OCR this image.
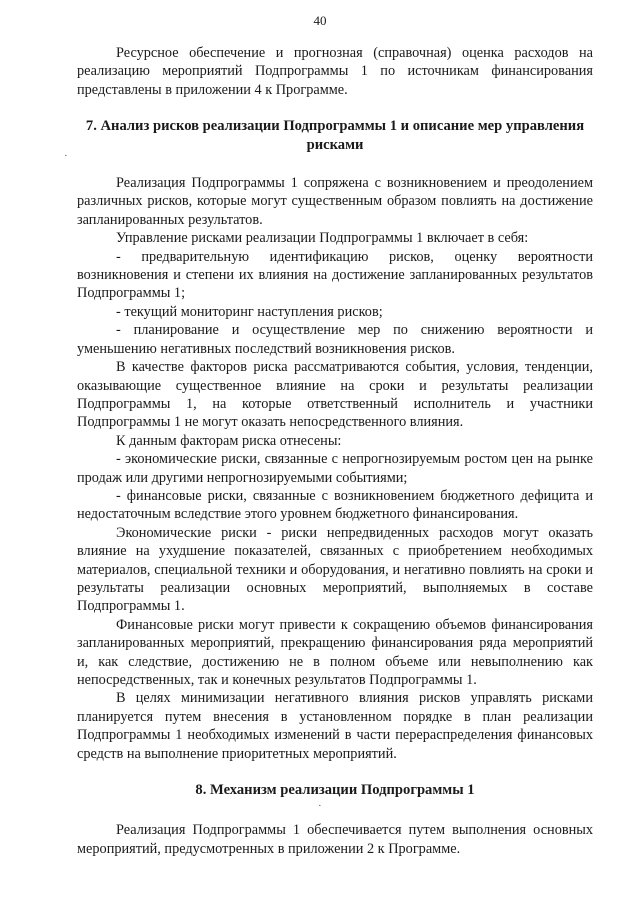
40

Ресурсное обеспечение и прогнозная (справочная) оценка расходов на реализацию мероприятий Подпрограммы 1 по источникам финансирования представлены в приложении 4 к Программе.

7. Анализ рисков реализации Подпрограммы 1 и описание мер управления рисками

Реализация Подпрограммы 1 сопряжена с возникновением и преодолением различных рисков, которые могут существенным образом повлиять на достижение запланированных результатов.

Управление рисками реализации Подпрограммы 1 включает в себя:

- предварительную идентификацию рисков, оценку вероятности возникновения и степени их влияния на достижение запланированных результатов Подпрограммы 1;

- текущий мониторинг наступления рисков;

- планирование и осуществление мер по снижению вероятности и уменьшению негативных последствий возникновения рисков.

В качестве факторов риска рассматриваются события, условия, тенденции, оказывающие существенное влияние на сроки и результаты реализации Подпрограммы 1, на которые ответственный исполнитель и участники Подпрограммы 1 не могут оказать непосредственного влияния.

К данным факторам риска отнесены:

- экономические риски, связанные с непрогнозируемым ростом цен на рынке продаж или другими непрогнозируемыми событиями;

- финансовые риски, связанные с возникновением бюджетного дефицита и недостаточным вследствие этого уровнем бюджетного финансирования.

Экономические риски - риски непредвиденных расходов могут оказать влияние на ухудшение показателей, связанных с приобретением необходимых материалов, специальной техники и оборудования, и негативно повлиять на сроки и результаты реализации основных мероприятий, выполняемых в составе Подпрограммы 1.

Финансовые риски могут привести к сокращению объемов финансирования запланированных мероприятий, прекращению финансирования ряда мероприятий и, как следствие, достижению не в полном объеме или невыполнению как непосредственных, так и конечных результатов Подпрограммы 1.

В целях минимизации негативного влияния рисков управлять рисками планируется путем внесения в установленном порядке в план реализации Подпрограммы 1 необходимых изменений в части перераспределения финансовых средств на выполнение приоритетных мероприятий.

8. Механизм реализации Подпрограммы 1

Реализация Подпрограммы 1 обеспечивается путем выполнения основных мероприятий, предусмотренных в приложении 2 к Программе.

·
·
